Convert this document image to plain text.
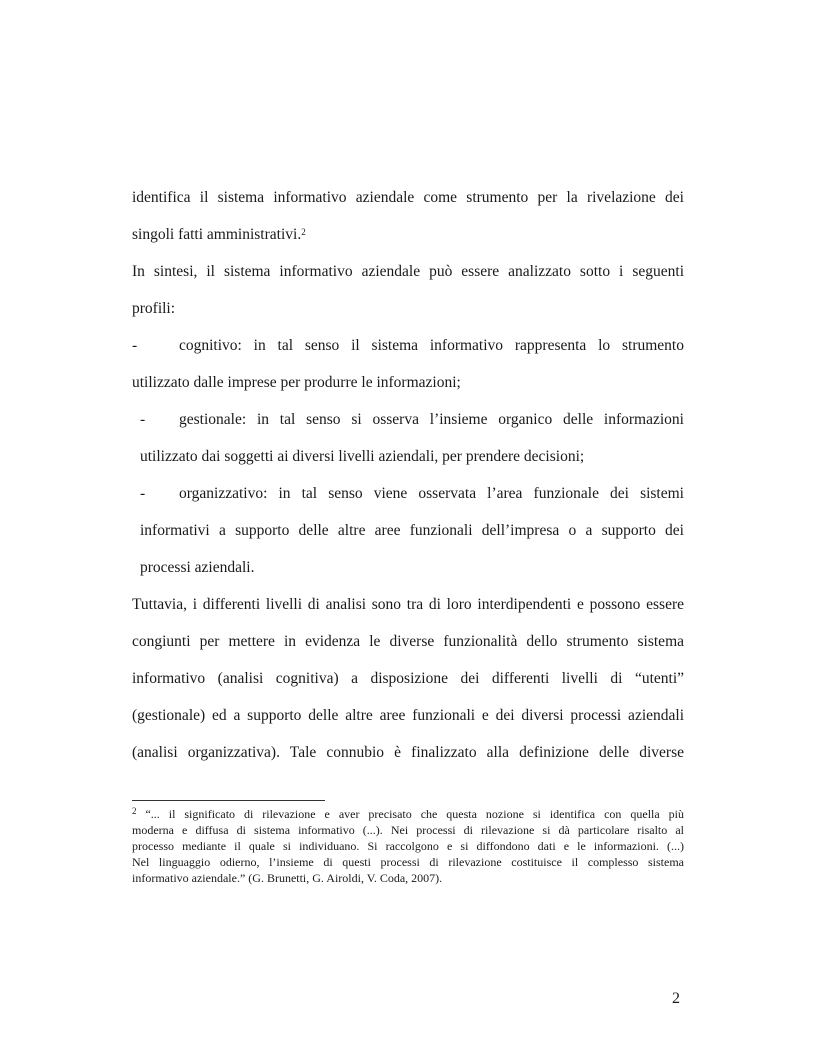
identifica il sistema informativo aziendale come strumento per la rivelazione dei
singoli fatti amministrativi.$^2$
In sintesi, il sistema informativo aziendale può essere analizzato sotto i seguenti
profili:
-	cognitivo: in tal senso il sistema informativo rappresenta lo strumento
utilizzato dalle imprese per produrre le informazioni;
- gestionale: in tal senso si osserva l’insieme organico delle informazioni
utilizzato dai soggetti ai diversi livelli aziendali, per prendere decisioni;
- organizzativo: in tal senso viene osservata l’area funzionale dei sistemi
informativi a supporto delle altre aree funzionali dell’impresa o a supporto dei
processi aziendali.
Tuttavia, i differenti livelli di analisi sono tra di loro interdipendenti e possono essere
congiunti per mettere in evidenza le diverse funzionalità dello strumento sistema
informativo (analisi cognitiva) a disposizione dei differenti livelli di “utenti”
(gestionale) ed a supporto delle altre aree funzionali e dei diversi processi aziendali
(analisi organizzativa). Tale connubio è finalizzato alla definizione delle diverse
$^2$ “... il significato di rilevazione e aver precisato che questa nozione si identifica con quella più
moderna e diffusa di sistema informativo (...). Nei processi di rilevazione si dà particolare risalto al
processo mediante il quale si individuano. Si raccolgono e si diffondono dati e le informazioni. (...)
Nel linguaggio odierno, l’insieme di questi processi di rilevazione costituisce il complesso sistema
informativo aziendale.” (G. Brunetti, G. Airoldi, V. Coda, 2007).
2
